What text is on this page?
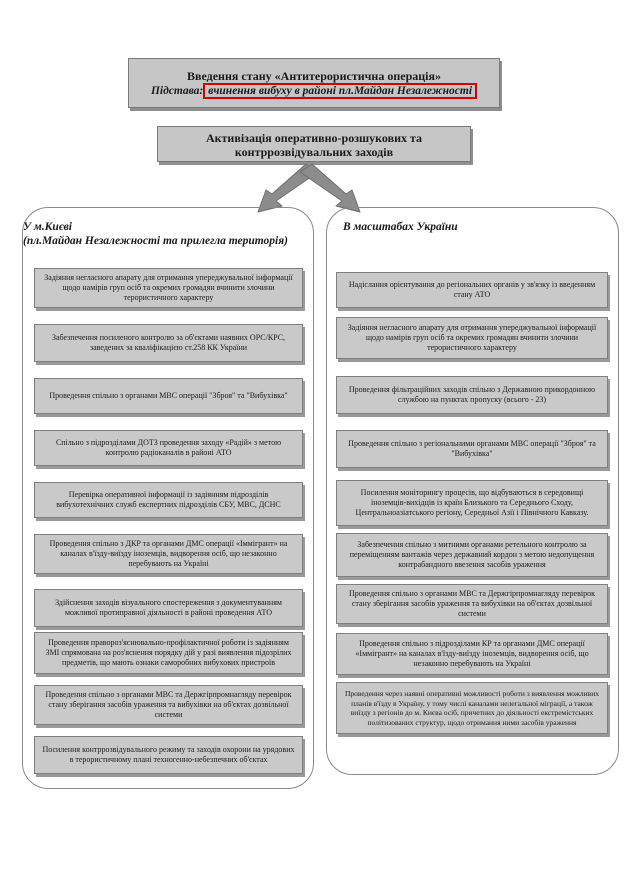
Введення стану «Антитерористична операція»
Підстава: вчинення вибуху в районі пл.Майдан Незалежності
Активізація оперативно-розшукових та контррозвідувальних заходів
У м.Києві
(пл.Майдан Незалежності та прилегла територія)
Задіяння негласного апарату для отримання упереджувальної інформації щодо намірів груп осіб та окремих громадян вчинити злочини терористичного характеру
Забезпечення посиленого контролю за об'єктами наявних ОРС/КРС, заведених за кваліфікацією ст.258 КК України
Проведення спільно з органами МВС операції "Зброя" та "Вибухівка"
Спільно з підрозділами ДОТЗ проведення заходу «Радій» з метою контролю радіоканалів в районі АТО
Перевірка оперативної інформації із задіянням підрозділів вибухотехнічних служб експертних підрозділів СБУ, МВС, ДСНС
Проведення спільно з ДКР та органами ДМС операції «Іммігрант» на каналах в'їзду-виїзду іноземців, видворення осіб, що незаконно перебувають на Україні
Здійснення заходів візуального спостереження з документуванням можливої протиправної діяльності в районі проведення АТО
Проведення правороз'яснювально-профілактичної роботи із задіянням ЗМІ спрямована на роз'яснення порядку дій у разі виявлення підозрілих предметів, що мають ознаки саморобних вибухових пристроїв
Проведення спільно з органами МВС та Держгірпромнагляду перевірок стану зберігання засобів ураження та вибухівки на об'єктах дозвільної системи
Посилення контррозвідувального режиму та заходів охорони на урядових в терористичному плані техногенно-небезпечних об'єктах
В масштабах України
Надіслання орієнтування до регіональних органів у зв'язку із введенням стану АТО
Задіяння негласного апарату для отримання упереджувальної інформації щодо намірів груп осіб та окремих громадян вчинити злочини терористичного характеру
Проведення фільтраційних заходів спільно з Державною прикордонною службою на пунктах пропуску (всього - 23)
Проведення спільно з регіональними органами МВС операції "Зброя" та "Вибухівка"
Посилення моніторингу процесів, що відбуваються в середовищі іноземців-вихідців із країн Близького та Середнього Сходу, Центральноазіатського регіону, Середньої Азії і Північного Кавказу.
Забезпечення спільно з митними органами ретельного контролю за переміщенням вантажів через державний кордон з метою недопущення контрабандного ввезення засобів ураження
Проведення спільно з органами МВС та Держгірпромнагляду перевірок стану зберігання засобів ураження та вибухівки на об'єктах дозвільної системи
Проведення спільно з підрозділами КР та органами ДМС операції «Іммігрант» на каналах в'їзду-виїзду іноземців, видворення осіб, що незаконно перебувають на Україні
Проведення через наявні оперативні можливості роботи з виявлення можливих планів в'їзду в Україну, у тому числі каналами нелегальної міграції, а також виїзду з регіонів до м. Києва осіб, причетних до діяльності екстремістських політизованих структур, щодо отримання ними засобів ураження
